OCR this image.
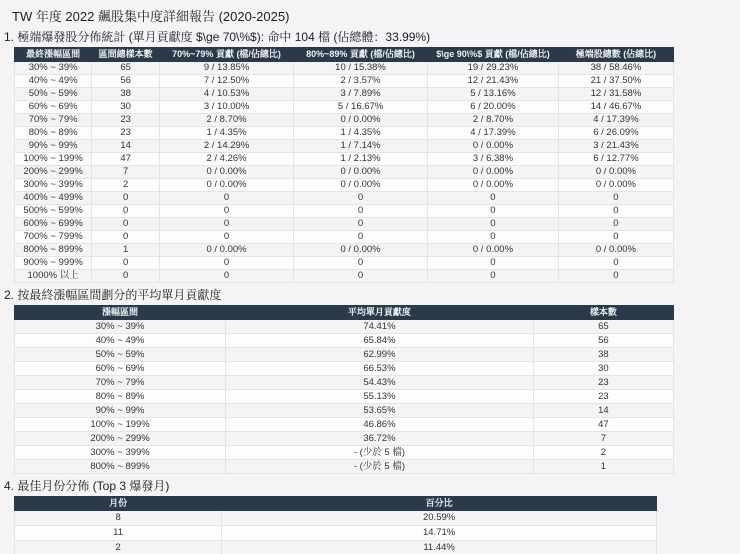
TW 年度 2022 飆股集中度詳細報告 (2020-2025)
1. 極端爆發股分佈統計 (單月貢獻度 $\ge 70\%$): 命中 104 檔 (佔總體：33.99%)
最終漲幅區間	區間總樣本數	70%~79% 貢獻 (檔/佔總比)	80%~89% 貢獻 (檔/佔總比)	$\ge 90\%$ 貢獻 (檔/佔總比)	極端股總數 (佔總比)
30% ~ 39%	65	9 / 13.85%	10 / 15.38%	19 / 29.23%	38 / 58.46%
40% ~ 49%	56	7 / 12.50%	2 / 3.57%	12 / 21.43%	21 / 37.50%
50% ~ 59%	38	4 / 10.53%	3 / 7.89%	5 / 13.16%	12 / 31.58%
60% ~ 69%	30	3 / 10.00%	5 / 16.67%	6 / 20.00%	14 / 46.67%
70% ~ 79%	23	2 / 8.70%	0 / 0.00%	2 / 8.70%	4 / 17.39%
80% ~ 89%	23	1 / 4.35%	1 / 4.35%	4 / 17.39%	6 / 26.09%
90% ~ 99%	14	2 / 14.29%	1 / 7.14%	0 / 0.00%	3 / 21.43%
100% ~ 199%	47	2 / 4.26%	1 / 2.13%	3 / 6.38%	6 / 12.77%
200% ~ 299%	7	0 / 0.00%	0 / 0.00%	0 / 0.00%	0 / 0.00%
300% ~ 399%	2	0 / 0.00%	0 / 0.00%	0 / 0.00%	0 / 0.00%
400% ~ 499%	0	0	0	0	0
500% ~ 599%	0	0	0	0	0
600% ~ 699%	0	0	0	0	0
700% ~ 799%	0	0	0	0	0
800% ~ 899%	1	0 / 0.00%	0 / 0.00%	0 / 0.00%	0 / 0.00%
900% ~ 999%	0	0	0	0	0
1000% 以上	0	0	0	0	0
2. 按最終漲幅區間劃分的平均單月貢獻度
漲幅區間	平均單月貢獻度	樣本數
30% ~ 39%	74.41%	65
40% ~ 49%	65.84%	56
50% ~ 59%	62.99%	38
60% ~ 69%	66.53%	30
70% ~ 79%	54.43%	23
80% ~ 89%	55.13%	23
90% ~ 99%	53.65%	14
100% ~ 199%	46.86%	47
200% ~ 299%	36.72%	7
300% ~ 399%	- (少於 5 檔)	2
800% ~ 899%	- (少於 5 檔)	1
4. 最佳月份分佈 (Top 3 爆發月)
月份	百分比
8	20.59%
11	14.71%
2	11.44%
